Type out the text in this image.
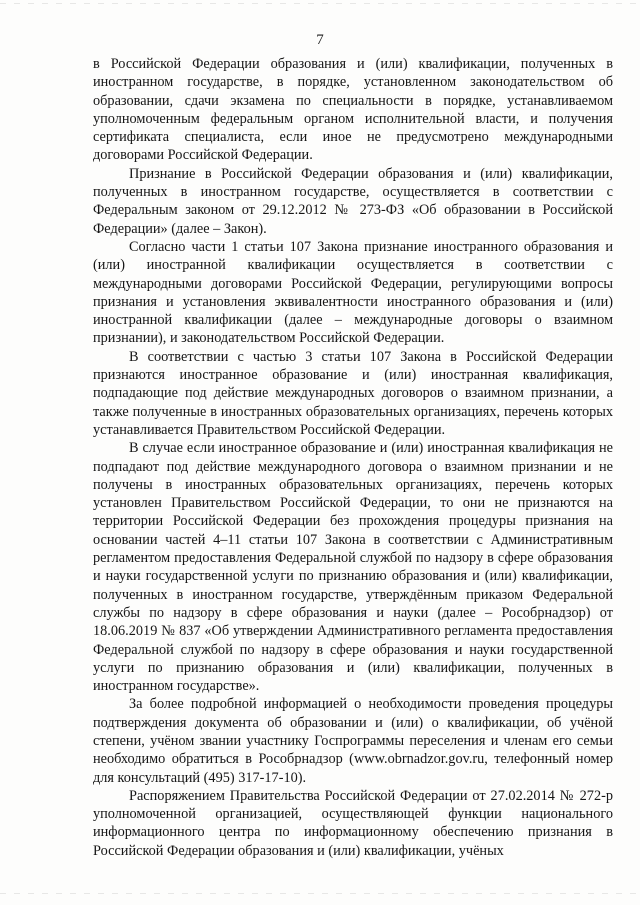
7

в Российской Федерации образования и (или) квалификации, полученных в иностранном государстве, в порядке, установленном законодательством об образовании, сдачи экзамена по специальности в порядке, устанавливаемом уполномоченным федеральным органом исполнительной власти, и получения сертификата специалиста, если иное не предусмотрено международными договорами Российской Федерации.

Признание в Российской Федерации образования и (или) квалификации, полученных в иностранном государстве, осуществляется в соответствии с Федеральным законом от 29.12.2012 № 273-ФЗ «Об образовании в Российской Федерации» (далее – Закон).

Согласно части 1 статьи 107 Закона признание иностранного образования и (или) иностранной квалификации осуществляется в соответствии с международными договорами Российской Федерации, регулирующими вопросы признания и установления эквивалентности иностранного образования и (или) иностранной квалификации (далее – международные договоры о взаимном признании), и законодательством Российской Федерации.

В соответствии с частью 3 статьи 107 Закона в Российской Федерации признаются иностранное образование и (или) иностранная квалификация, подпадающие под действие международных договоров о взаимном признании, а также полученные в иностранных образовательных организациях, перечень которых устанавливается Правительством Российской Федерации.

В случае если иностранное образование и (или) иностранная квалификация не подпадают под действие международного договора о взаимном признании и не получены в иностранных образовательных организациях, перечень которых установлен Правительством Российской Федерации, то они не признаются на территории Российской Федерации без прохождения процедуры признания на основании частей 4–11 статьи 107 Закона в соответствии с Административным регламентом предоставления Федеральной службой по надзору в сфере образования и науки государственной услуги по признанию образования и (или) квалификации, полученных в иностранном государстве, утверждённым приказом Федеральной службы по надзору в сфере образования и науки (далее – Рособрнадзор) от 18.06.2019 № 837 «Об утверждении Административного регламента предоставления Федеральной службой по надзору в сфере образования и науки государственной услуги по признанию образования и (или) квалификации, полученных в иностранном государстве».

За более подробной информацией о необходимости проведения процедуры подтверждения документа об образовании и (или) о квалификации, об учёной степени, учёном звании участнику Госпрограммы переселения и членам его семьи необходимо обратиться в Рособрнадзор (www.obrnadzor.gov.ru, телефонный номер для консультаций (495) 317-17-10).

Распоряжением Правительства Российской Федерации от 27.02.2014 № 272-р уполномоченной организацией, осуществляющей функции национального информационного центра по информационному обеспечению признания в Российской Федерации образования и (или) квалификации, учёных
